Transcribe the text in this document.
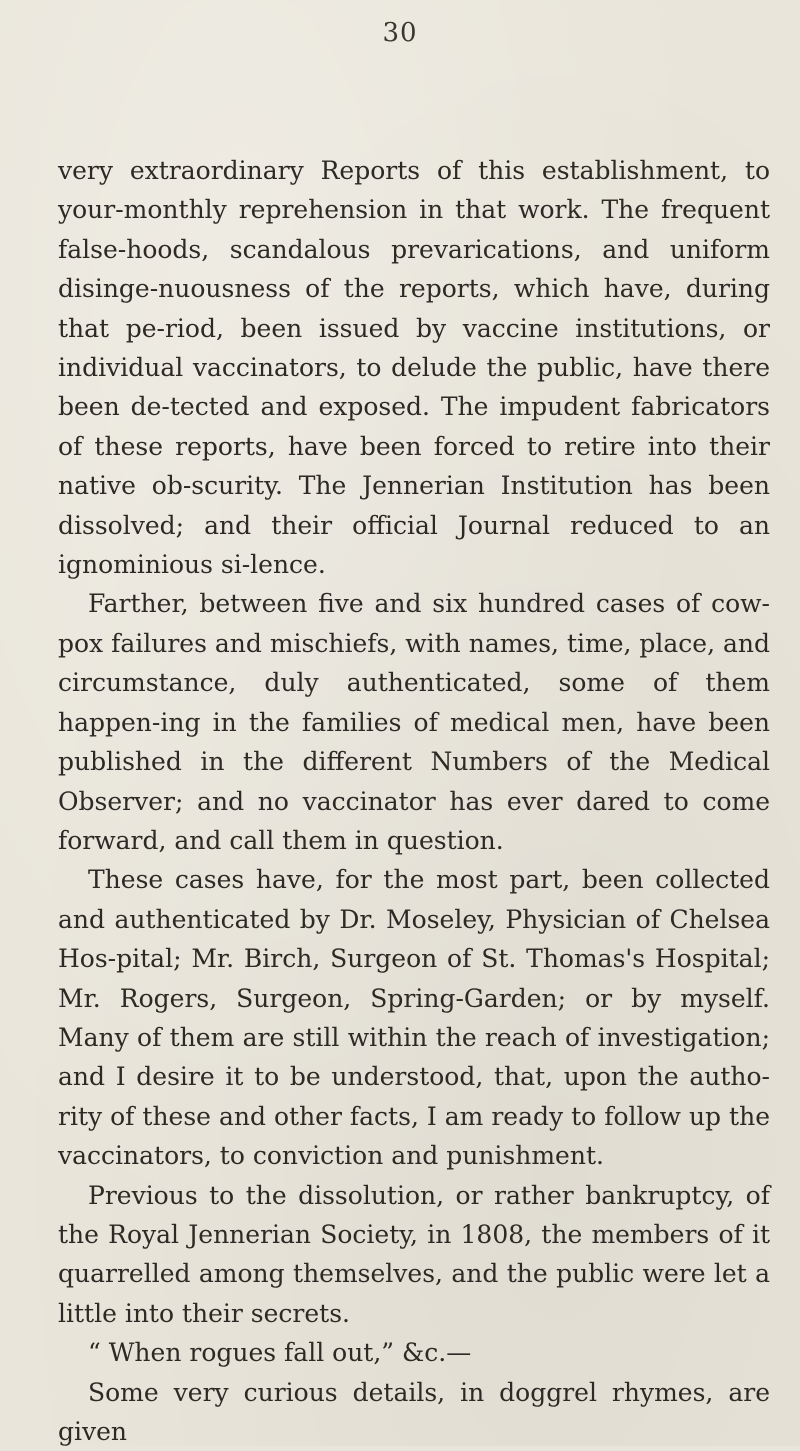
30

very extraordinary Reports of this establishment, to your-monthly reprehension in that work. The frequent false-hoods, scandalous prevarications, and uniform disinge-nuousness of the reports, which have, during that pe-riod, been issued by vaccine institutions, or individual vaccinators, to delude the public, have there been de-tected and exposed. The impudent fabricators of these reports, have been forced to retire into their native ob-scurity. The Jennerian Institution has been dissolved; and their official Journal reduced to an ignominious si-lence.

Farther, between five and six hundred cases of cow-pox failures and mischiefs, with names, time, place, and circumstance, duly authenticated, some of them happen-ing in the families of medical men, have been published in the different Numbers of the Medical Observer; and no vaccinator has ever dared to come forward, and call them in question.

These cases have, for the most part, been collected and authenticated by Dr. Moseley, Physician of Chelsea Hos-pital; Mr. Birch, Surgeon of St. Thomas's Hospital; Mr. Rogers, Surgeon, Spring-Garden; or by myself. Many of them are still within the reach of investigation; and I desire it to be understood, that, upon the autho-rity of these and other facts, I am ready to follow up the vaccinators, to conviction and punishment.

Previous to the dissolution, or rather bankruptcy, of the Royal Jennerian Society, in 1808, the members of it quarrelled among themselves, and the public were let a little into their secrets.

“ When rogues fall out,” &c.—

Some very curious details, in doggrel rhymes, are given
